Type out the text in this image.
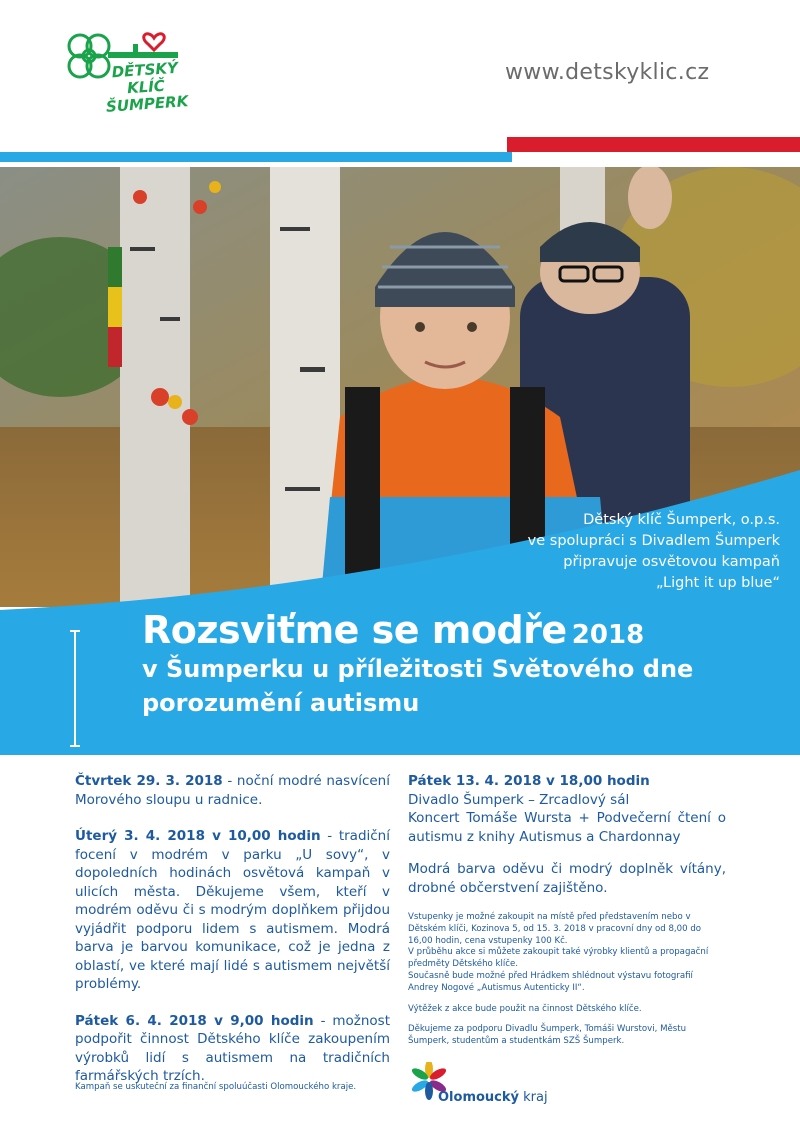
DĚTSKÝ
KLÍČ
ŠUMPERK
www.detskyklic.cz
Dětský klíč Šumperk, o.p.s.
ve spolupráci s Divadlem Šumperk
připravuje osvětovou kampaň
„Light it up blue“
Rozsviťme se modře 2018
v Šumperku u příležitosti Světového dne
porozumění autismu

Čtvrtek 29. 3. 2018 - noční modré nasvícení Morového sloupu u radnice.

Úterý 3. 4. 2018 v 10,00 hodin - tradiční focení v modrém v parku „U sovy“, v dopoledních hodinách osvětová kampaň v ulicích města. Děkujeme všem, kteří v modrém oděvu či s modrým doplňkem přijdou vyjádřit podporu lidem s autismem. Modrá barva je barvou komunikace, což je jedna z oblastí, ve které mají lidé s autismem největší problémy.

Pátek 6. 4. 2018 v 9,00 hodin - možnost podpořit činnost Dětského klíče zakoupením výrobků lidí s autismem na tradičních farmářských trzích.

Pátek 13. 4. 2018 v 18,00 hodin
Divadlo Šumperk – Zrcadlový sál

Koncert Tomáše Wursta + Podvečerní čtení o autismu z knihy Autismus a Chardonnay

Modrá barva oděvu či modrý doplněk vítány, drobné občerstvení zajištěno.

Vstupenky je možné zakoupit na místě před představením nebo v Dětském klíči, Kozinova 5, od 15. 3. 2018 v pracovní dny od 8,00 do 16,00 hodin, cena vstupenky 100 Kč.

V průběhu akce si můžete zakoupit také výrobky klientů a propagační předměty Dětského klíče.

Současně bude možné před Hrádkem shlédnout výstavu fotografií Andrey Nogové „Autismus Autenticky II“.

Výtěžek z akce bude použit na činnost Dětského klíče.

Děkujeme za podporu Divadlu Šumperk, Tomáši Wurstovi, Městu Šumperk, studentům a studentkám SZŠ Šumperk.

Kampaň se uskuteční za finanční spoluúčasti Olomouckého kraje.
Olomoucký kraj
